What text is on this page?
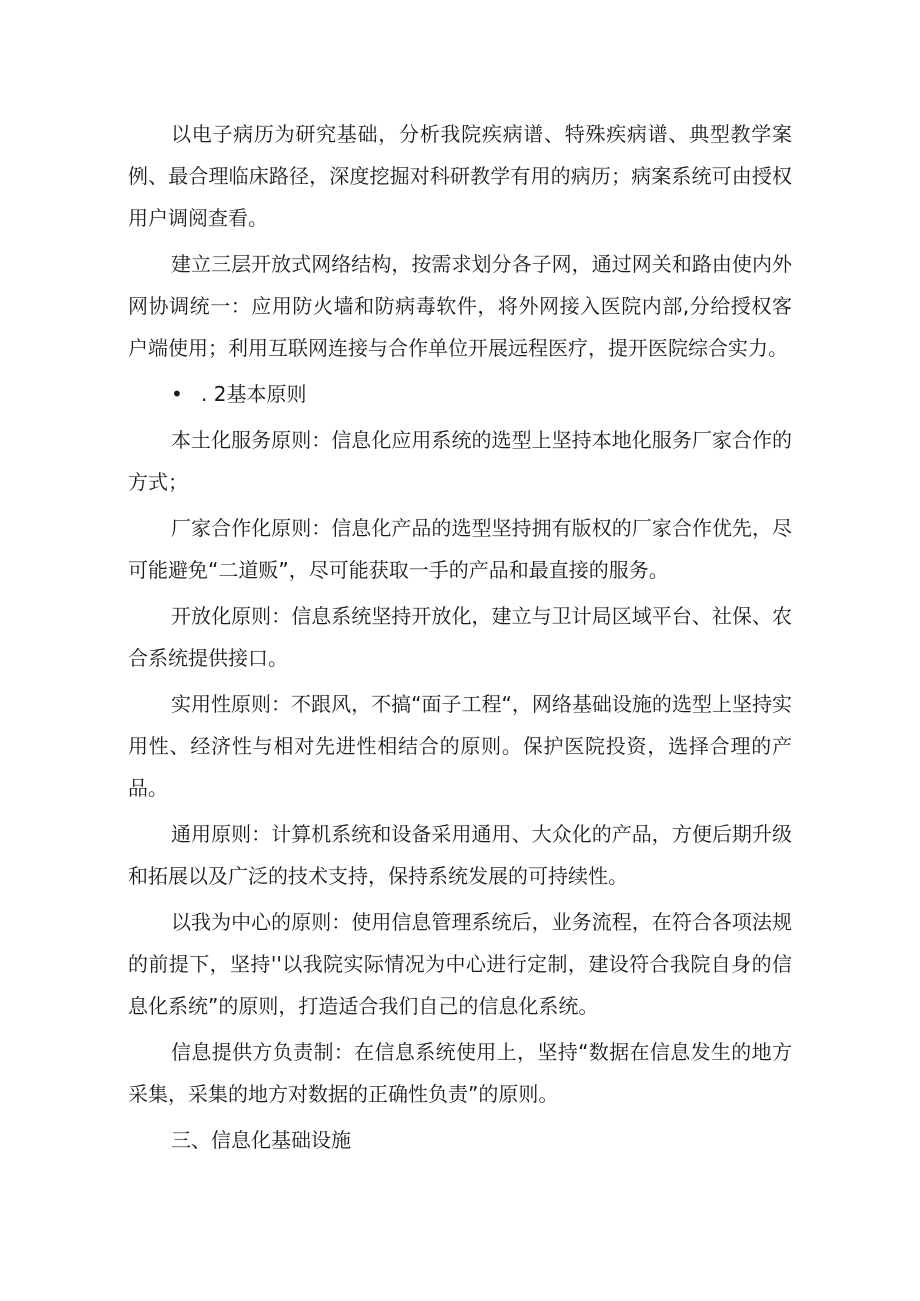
以电子病历为研究基础，分析我院疾病谱、特殊疾病谱、典型教学案例、最合理临床路径，深度挖掘对科研教学有用的病历；病案系统可由授权用户调阅查看。

建立三层开放式网络结构，按需求划分各子网，通过网关和路由使内外网协调统一：应用防火墙和防病毒软件，将外网接入医院内部,分给授权客户端使用；利用互联网连接与合作单位开展远程医疗，提开医院综合实力。

• . 2基本原则

本土化服务原则：信息化应用系统的选型上坚持本地化服务厂家合作的方式；

厂家合作化原则：信息化产品的选型坚持拥有版权的厂家合作优先，尽可能避免“二道贩”，尽可能获取一手的产品和最直接的服务。

开放化原则：信息系统坚持开放化，建立与卫计局区域平台、社保、农合系统提供接口。

实用性原则：不跟风，不搞“面子工程“，网络基础设施的选型上坚持实用性、经济性与相对先进性相结合的原则。保护医院投资，选择合理的产品。

通用原则：计算机系统和设备采用通用、大众化的产品，方便后期升级和拓展以及广泛的技术支持，保持系统发展的可持续性。

以我为中心的原则：使用信息管理系统后，业务流程，在符合各项法规的前提下，坚持''以我院实际情况为中心进行定制，建设符合我院自身的信息化系统”的原则，打造适合我们自己的信息化系统。

信息提供方负责制：在信息系统使用上，坚持“数据在信息发生的地方采集，采集的地方对数据的正确性负责”的原则。

三、信息化基础设施
